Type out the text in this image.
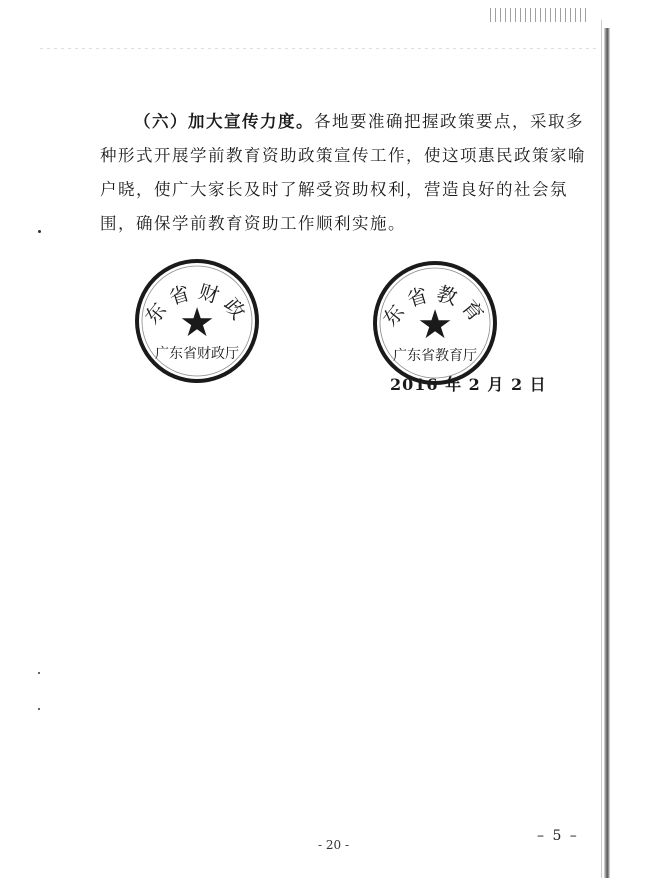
（六）加大宣传力度。各地要准确把握政策要点，采取多种形式开展学前教育资助政策宣传工作，使这项惠民政策家喻户晓，使广大家长及时了解受资助权利，营造良好的社会氛围，确保学前教育资助工作顺利实施。

东省财政
★
广东省财政厅
东省教育
★
广东省教育厅
2016 年 2 月 2 日
- 20 -
– 5 –
